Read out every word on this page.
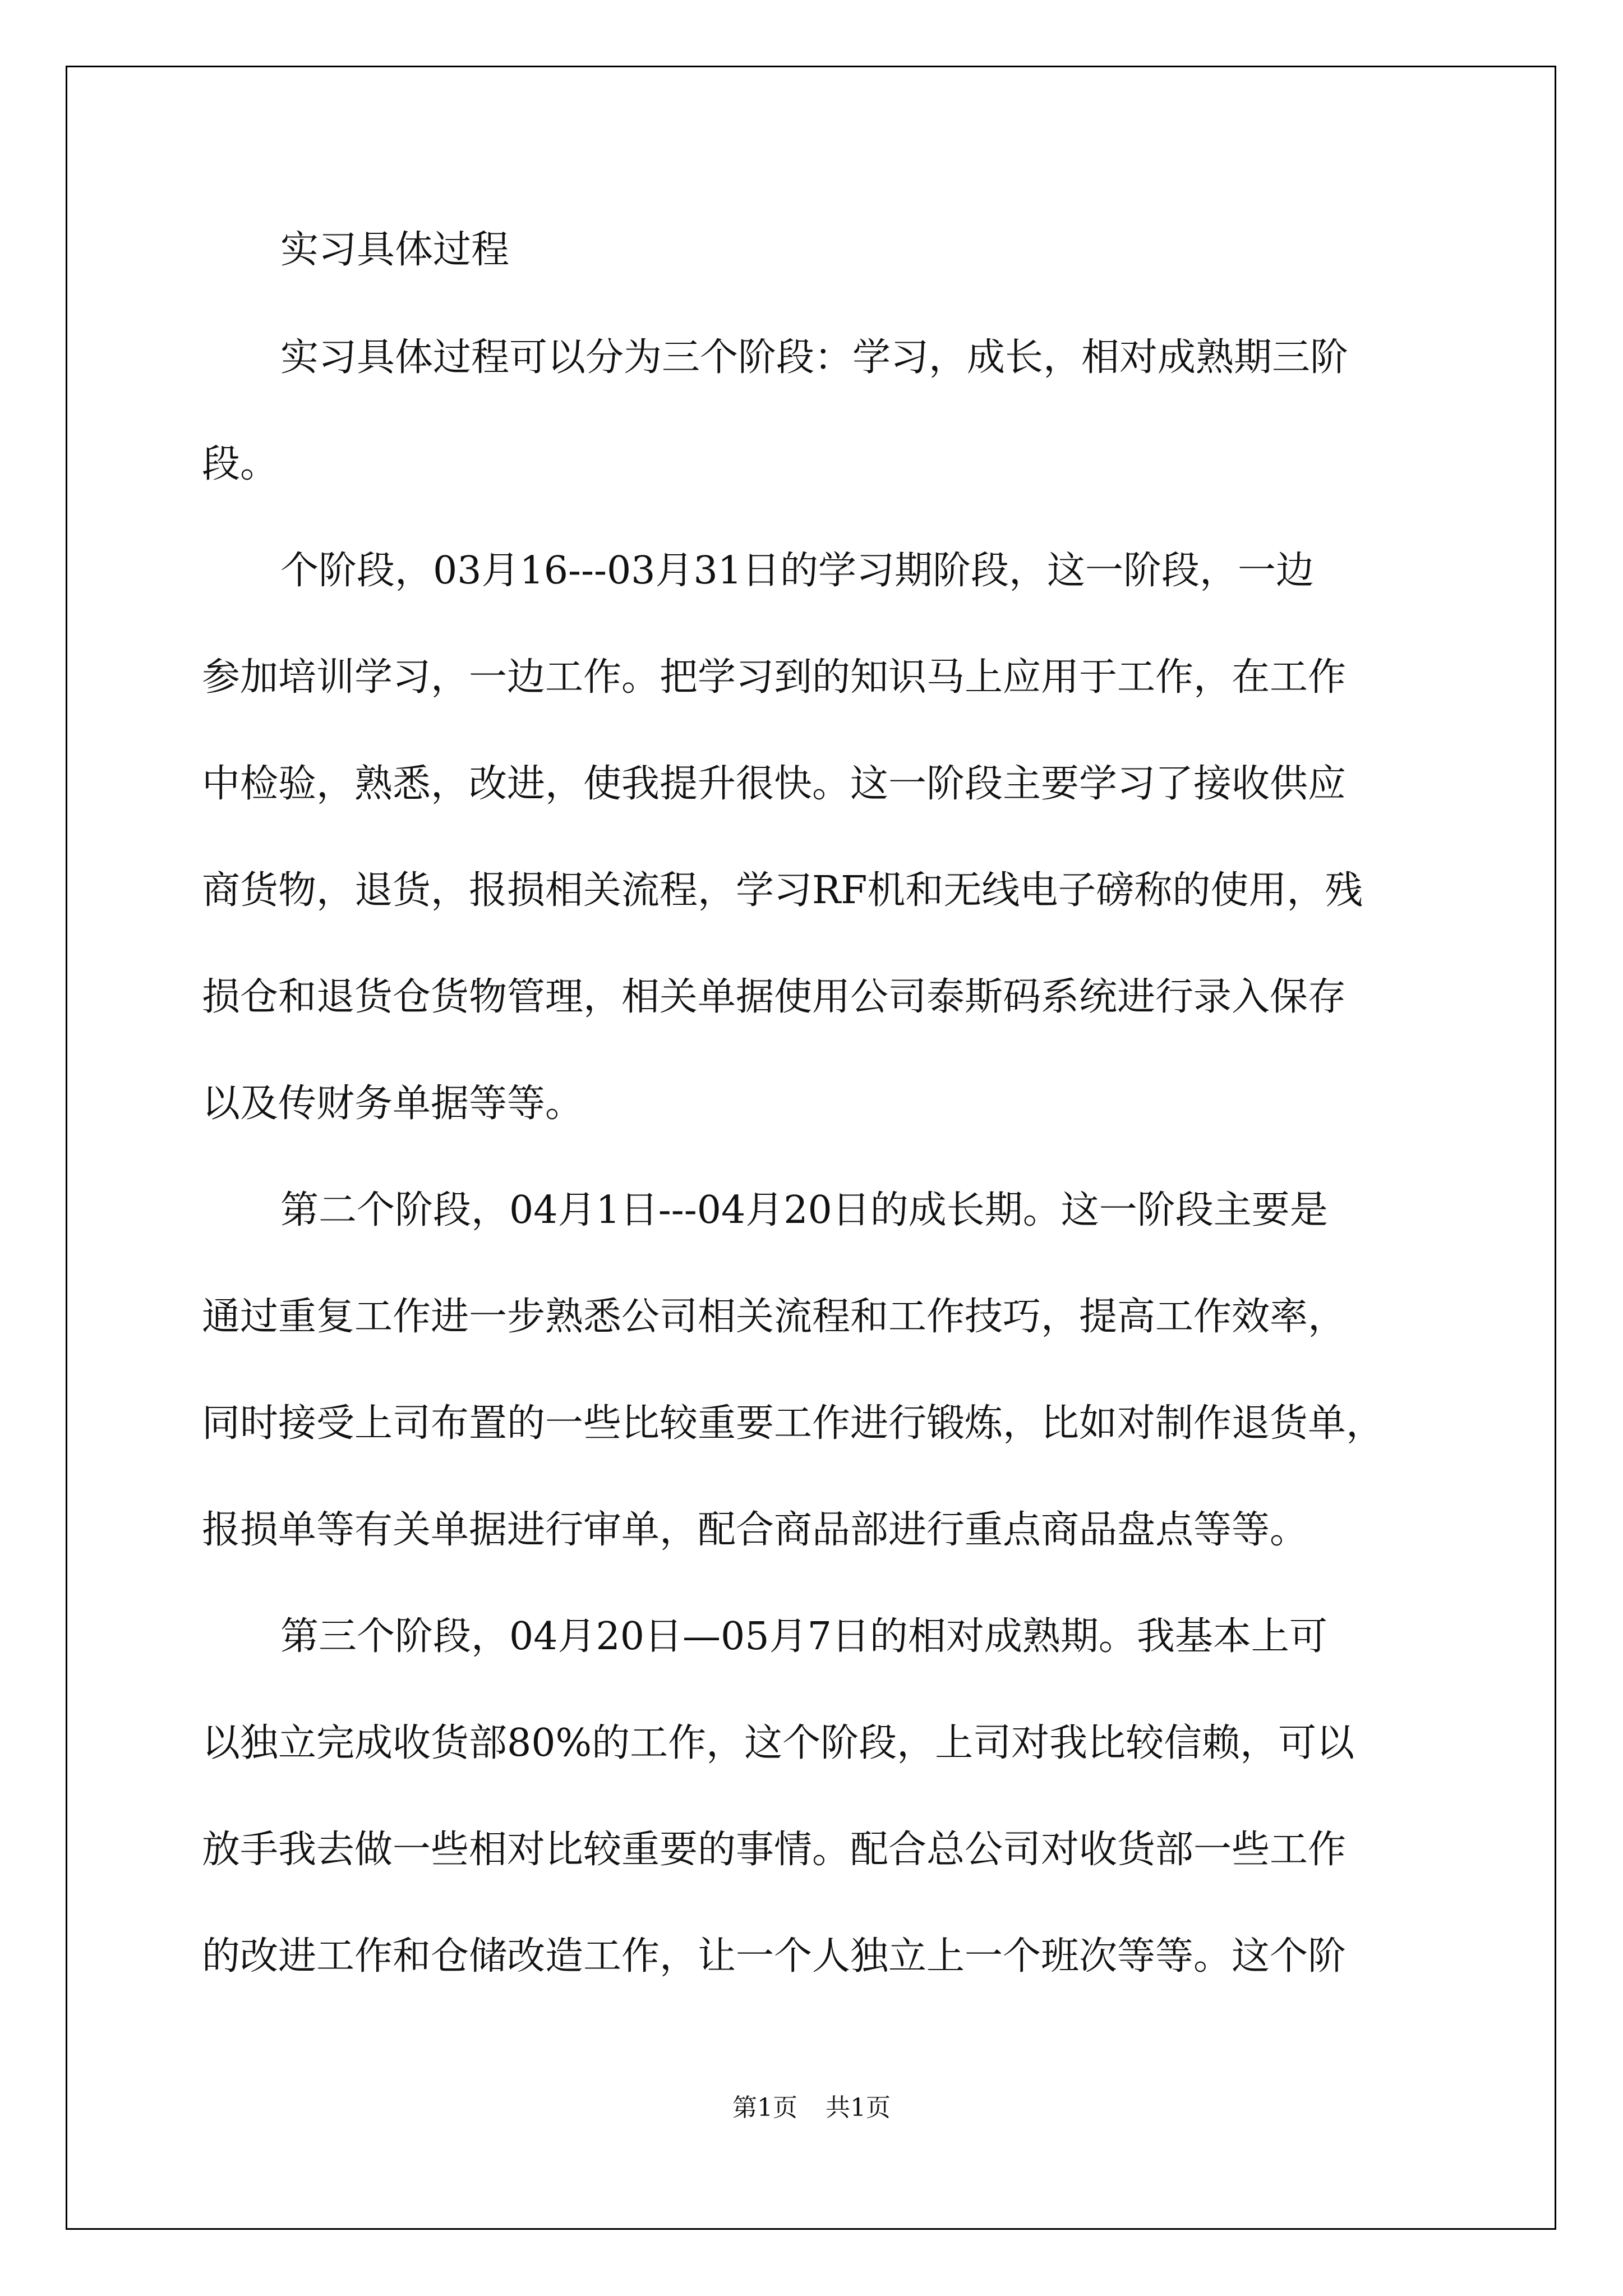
实习具体过程

实习具体过程可以分为三个阶段：学习，成长，相对成熟期三阶

段。

个阶段，03月16---03月31日的学习期阶段，这一阶段，一边

参加培训学习，一边工作。把学习到的知识马上应用于工作，在工作

中检验，熟悉，改进，使我提升很快。这一阶段主要学习了接收供应

商货物，退货，报损相关流程，学习RF机和无线电子磅称的使用，残

损仓和退货仓货物管理，相关单据使用公司泰斯码系统进行录入保存

以及传财务单据等等。

第二个阶段，04月1日---04月20日的成长期。这一阶段主要是

通过重复工作进一步熟悉公司相关流程和工作技巧，提高工作效率，

同时接受上司布置的一些比较重要工作进行锻炼，比如对制作退货单，

报损单等有关单据进行审单，配合商品部进行重点商品盘点等等。

第三个阶段，04月20日—05月7日的相对成熟期。我基本上可

以独立完成收货部80%的工作，这个阶段，上司对我比较信赖，可以

放手我去做一些相对比较重要的事情。配合总公司对收货部一些工作

的改进工作和仓储改造工作，让一个人独立上一个班次等等。这个阶

第1页 共1页
